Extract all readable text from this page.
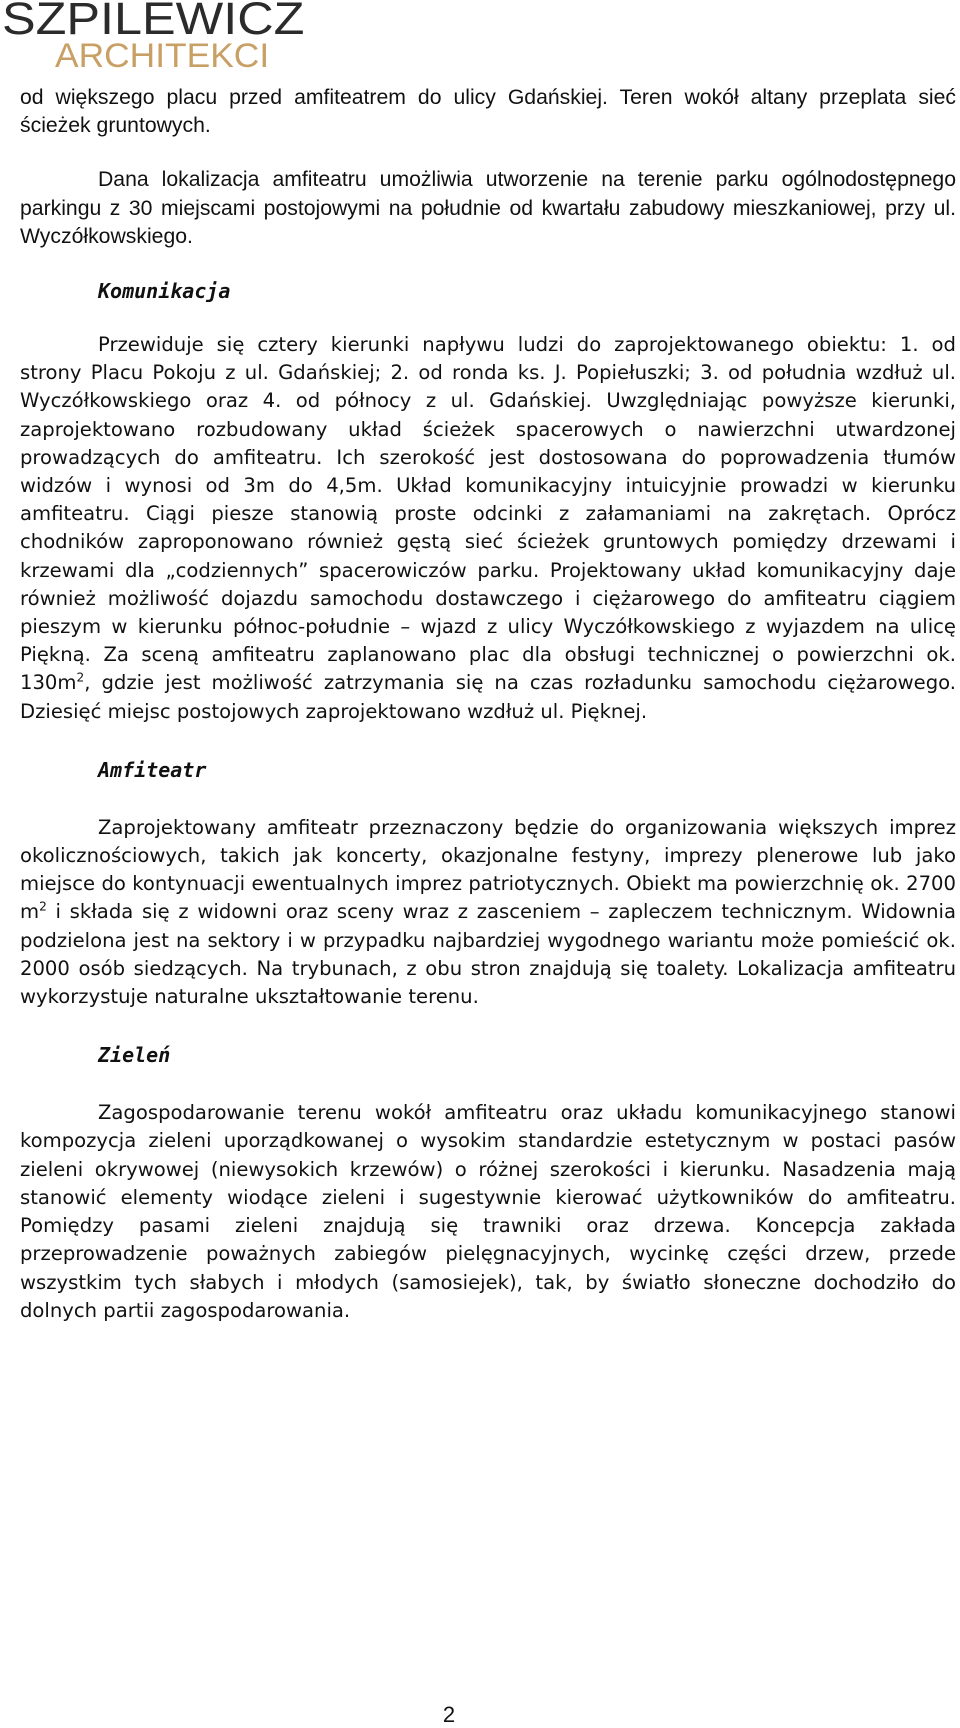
SZPILEWICZ
ARCHITEKCI

od większego placu przed amfiteatrem do ulicy Gdańskiej. Teren wokół altany przeplata sieć ścieżek gruntowych.

Dana lokalizacja amfiteatru umożliwia utworzenie na terenie parku ogólnodostępnego parkingu z 30 miejscami postojowymi na południe od kwartału zabudowy mieszkaniowej, przy ul. Wyczółkowskiego.

Komunikacja

Przewiduje się cztery kierunki napływu ludzi do zaprojektowanego obiektu: 1. od strony Placu Pokoju z ul. Gdańskiej; 2. od ronda ks. J. Popiełuszki; 3. od południa wzdłuż ul. Wyczółkowskiego oraz 4. od północy z ul. Gdańskiej. Uwzględniając powyższe kierunki, zaprojektowano rozbudowany układ ścieżek spacerowych o nawierzchni utwardzonej prowadzących do amfiteatru. Ich szerokość jest dostosowana do poprowadzenia tłumów widzów i wynosi od 3m do 4,5m. Układ komunikacyjny intuicyjnie prowadzi w kierunku amfiteatru. Ciągi piesze stanowią proste odcinki z załamaniami na zakrętach. Oprócz chodników zaproponowano również gęstą sieć ścieżek gruntowych pomiędzy drzewami i krzewami dla „codziennych” spacerowiczów parku. Projektowany układ komunikacyjny daje również możliwość dojazdu samochodu dostawczego i ciężarowego do amfiteatru ciągiem pieszym w kierunku północ-południe – wjazd z ulicy Wyczółkowskiego z wyjazdem na ulicę Piękną. Za sceną amfiteatru zaplanowano plac dla obsługi technicznej o powierzchni ok. $130m^2$, gdzie jest możliwość zatrzymania się na czas rozładunku samochodu ciężarowego. Dziesięć miejsc postojowych zaprojektowano wzdłuż ul. Pięknej.

Amfiteatr

Zaprojektowany amfiteatr przeznaczony będzie do organizowania większych imprez okolicznościowych, takich jak koncerty, okazjonalne festyny, imprezy plenerowe lub jako miejsce do kontynuacji ewentualnych imprez patriotycznych. Obiekt ma powierzchnię ok. 2700 $m^2$ i składa się z widowni oraz sceny wraz z zasceniem – zapleczem technicznym. Widownia podzielona jest na sektory i w przypadku najbardziej wygodnego wariantu może pomieścić ok. 2000 osób siedzących. Na trybunach, z obu stron znajdują się toalety. Lokalizacja amfiteatru wykorzystuje naturalne ukształtowanie terenu.

Zieleń

Zagospodarowanie terenu wokół amfiteatru oraz układu komunikacyjnego stanowi kompozycja zieleni uporządkowanej o wysokim standardzie estetycznym w postaci pasów zieleni okrywowej (niewysokich krzewów) o różnej szerokości i kierunku. Nasadzenia mają stanowić elementy wiodące zieleni i sugestywnie kierować użytkowników do amfiteatru. Pomiędzy pasami zieleni znajdują się trawniki oraz drzewa. Koncepcja zakłada przeprowadzenie poważnych zabiegów pielęgnacyjnych, wycinkę części drzew, przede wszystkim tych słabych i młodych (samosiejek), tak, by światło słoneczne dochodziło do dolnych partii zagospodarowania.

2
